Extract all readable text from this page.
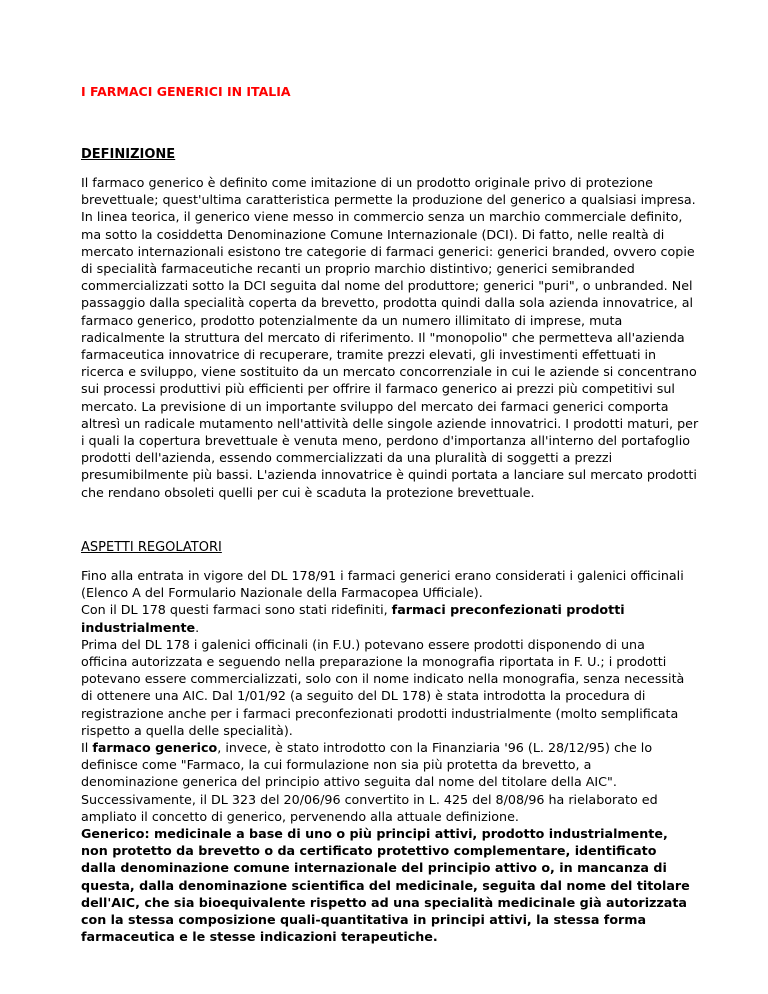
I FARMACI GENERICI IN ITALIA
DEFINIZIONE
Il farmaco generico è definito come imitazione di un prodotto originale privo di protezione
brevettuale; quest'ultima caratteristica permette la produzione del generico a qualsiasi impresa.
In linea teorica, il generico viene messo in commercio senza un marchio commerciale definito,
ma sotto la cosiddetta Denominazione Comune Internazionale (DCI). Di fatto, nelle realtà di
mercato internazionali esistono tre categorie di farmaci generici: generici branded, ovvero copie
di specialità farmaceutiche recanti un proprio marchio distintivo; generici semibranded
commercializzati sotto la DCI seguita dal nome del produttore; generici "puri", o unbranded. Nel
passaggio dalla specialità coperta da brevetto, prodotta quindi dalla sola azienda innovatrice, al
farmaco generico, prodotto potenzialmente da un numero illimitato di imprese, muta
radicalmente la struttura del mercato di riferimento. Il "monopolio" che permetteva all'azienda
farmaceutica innovatrice di recuperare, tramite prezzi elevati, gli investimenti effettuati in
ricerca e sviluppo, viene sostituito da un mercato concorrenziale in cui le aziende si concentrano
sui processi produttivi più efficienti per offrire il farmaco generico ai prezzi più competitivi sul
mercato. La previsione di un importante sviluppo del mercato dei farmaci generici comporta
altresì un radicale mutamento nell'attività delle singole aziende innovatrici. I prodotti maturi, per
i quali la copertura brevettuale è venuta meno, perdono d'importanza all'interno del portafoglio
prodotti dell'azienda, essendo commercializzati da una pluralità di soggetti a prezzi
presumibilmente più bassi. L'azienda innovatrice è quindi portata a lanciare sul mercato prodotti
che rendano obsoleti quelli per cui è scaduta la protezione brevettuale.
ASPETTI REGOLATORI
Fino alla entrata in vigore del DL 178/91 i farmaci generici erano considerati i galenici officinali
(Elenco A del Formulario Nazionale della Farmacopea Ufficiale).
Con il DL 178 questi farmaci sono stati ridefiniti, farmaci preconfezionati prodotti
industrialmente.
Prima del DL 178 i galenici officinali (in F.U.) potevano essere prodotti disponendo di una
officina autorizzata e seguendo nella preparazione la monografia riportata in F. U.; i prodotti
potevano essere commercializzati, solo con il nome indicato nella monografia, senza necessità
di ottenere una AIC. Dal 1/01/92 (a seguito del DL 178) è stata introdotta la procedura di
registrazione anche per i farmaci preconfezionati prodotti industrialmente (molto semplificata
rispetto a quella delle specialità).
Il farmaco generico, invece, è stato introdotto con la Finanziaria '96 (L. 28/12/95) che lo
definisce come "Farmaco, la cui formulazione non sia più protetta da brevetto, a
denominazione generica del principio attivo seguita dal nome del titolare della AIC".
Successivamente, il DL 323 del 20/06/96 convertito in L. 425 del 8/08/96 ha rielaborato ed
ampliato il concetto di generico, pervenendo alla attuale definizione.
Generico: medicinale a base di uno o più principi attivi, prodotto industrialmente,
non protetto da brevetto o da certificato protettivo complementare, identificato
dalla denominazione comune internazionale del principio attivo o, in mancanza di
questa, dalla denominazione scientifica del medicinale, seguita dal nome del titolare
dell'AIC, che sia bioequivalente rispetto ad una specialità medicinale già autorizzata
con la stessa composizione quali-quantitativa in principi attivi, la stessa forma
farmaceutica e le stesse indicazioni terapeutiche.
